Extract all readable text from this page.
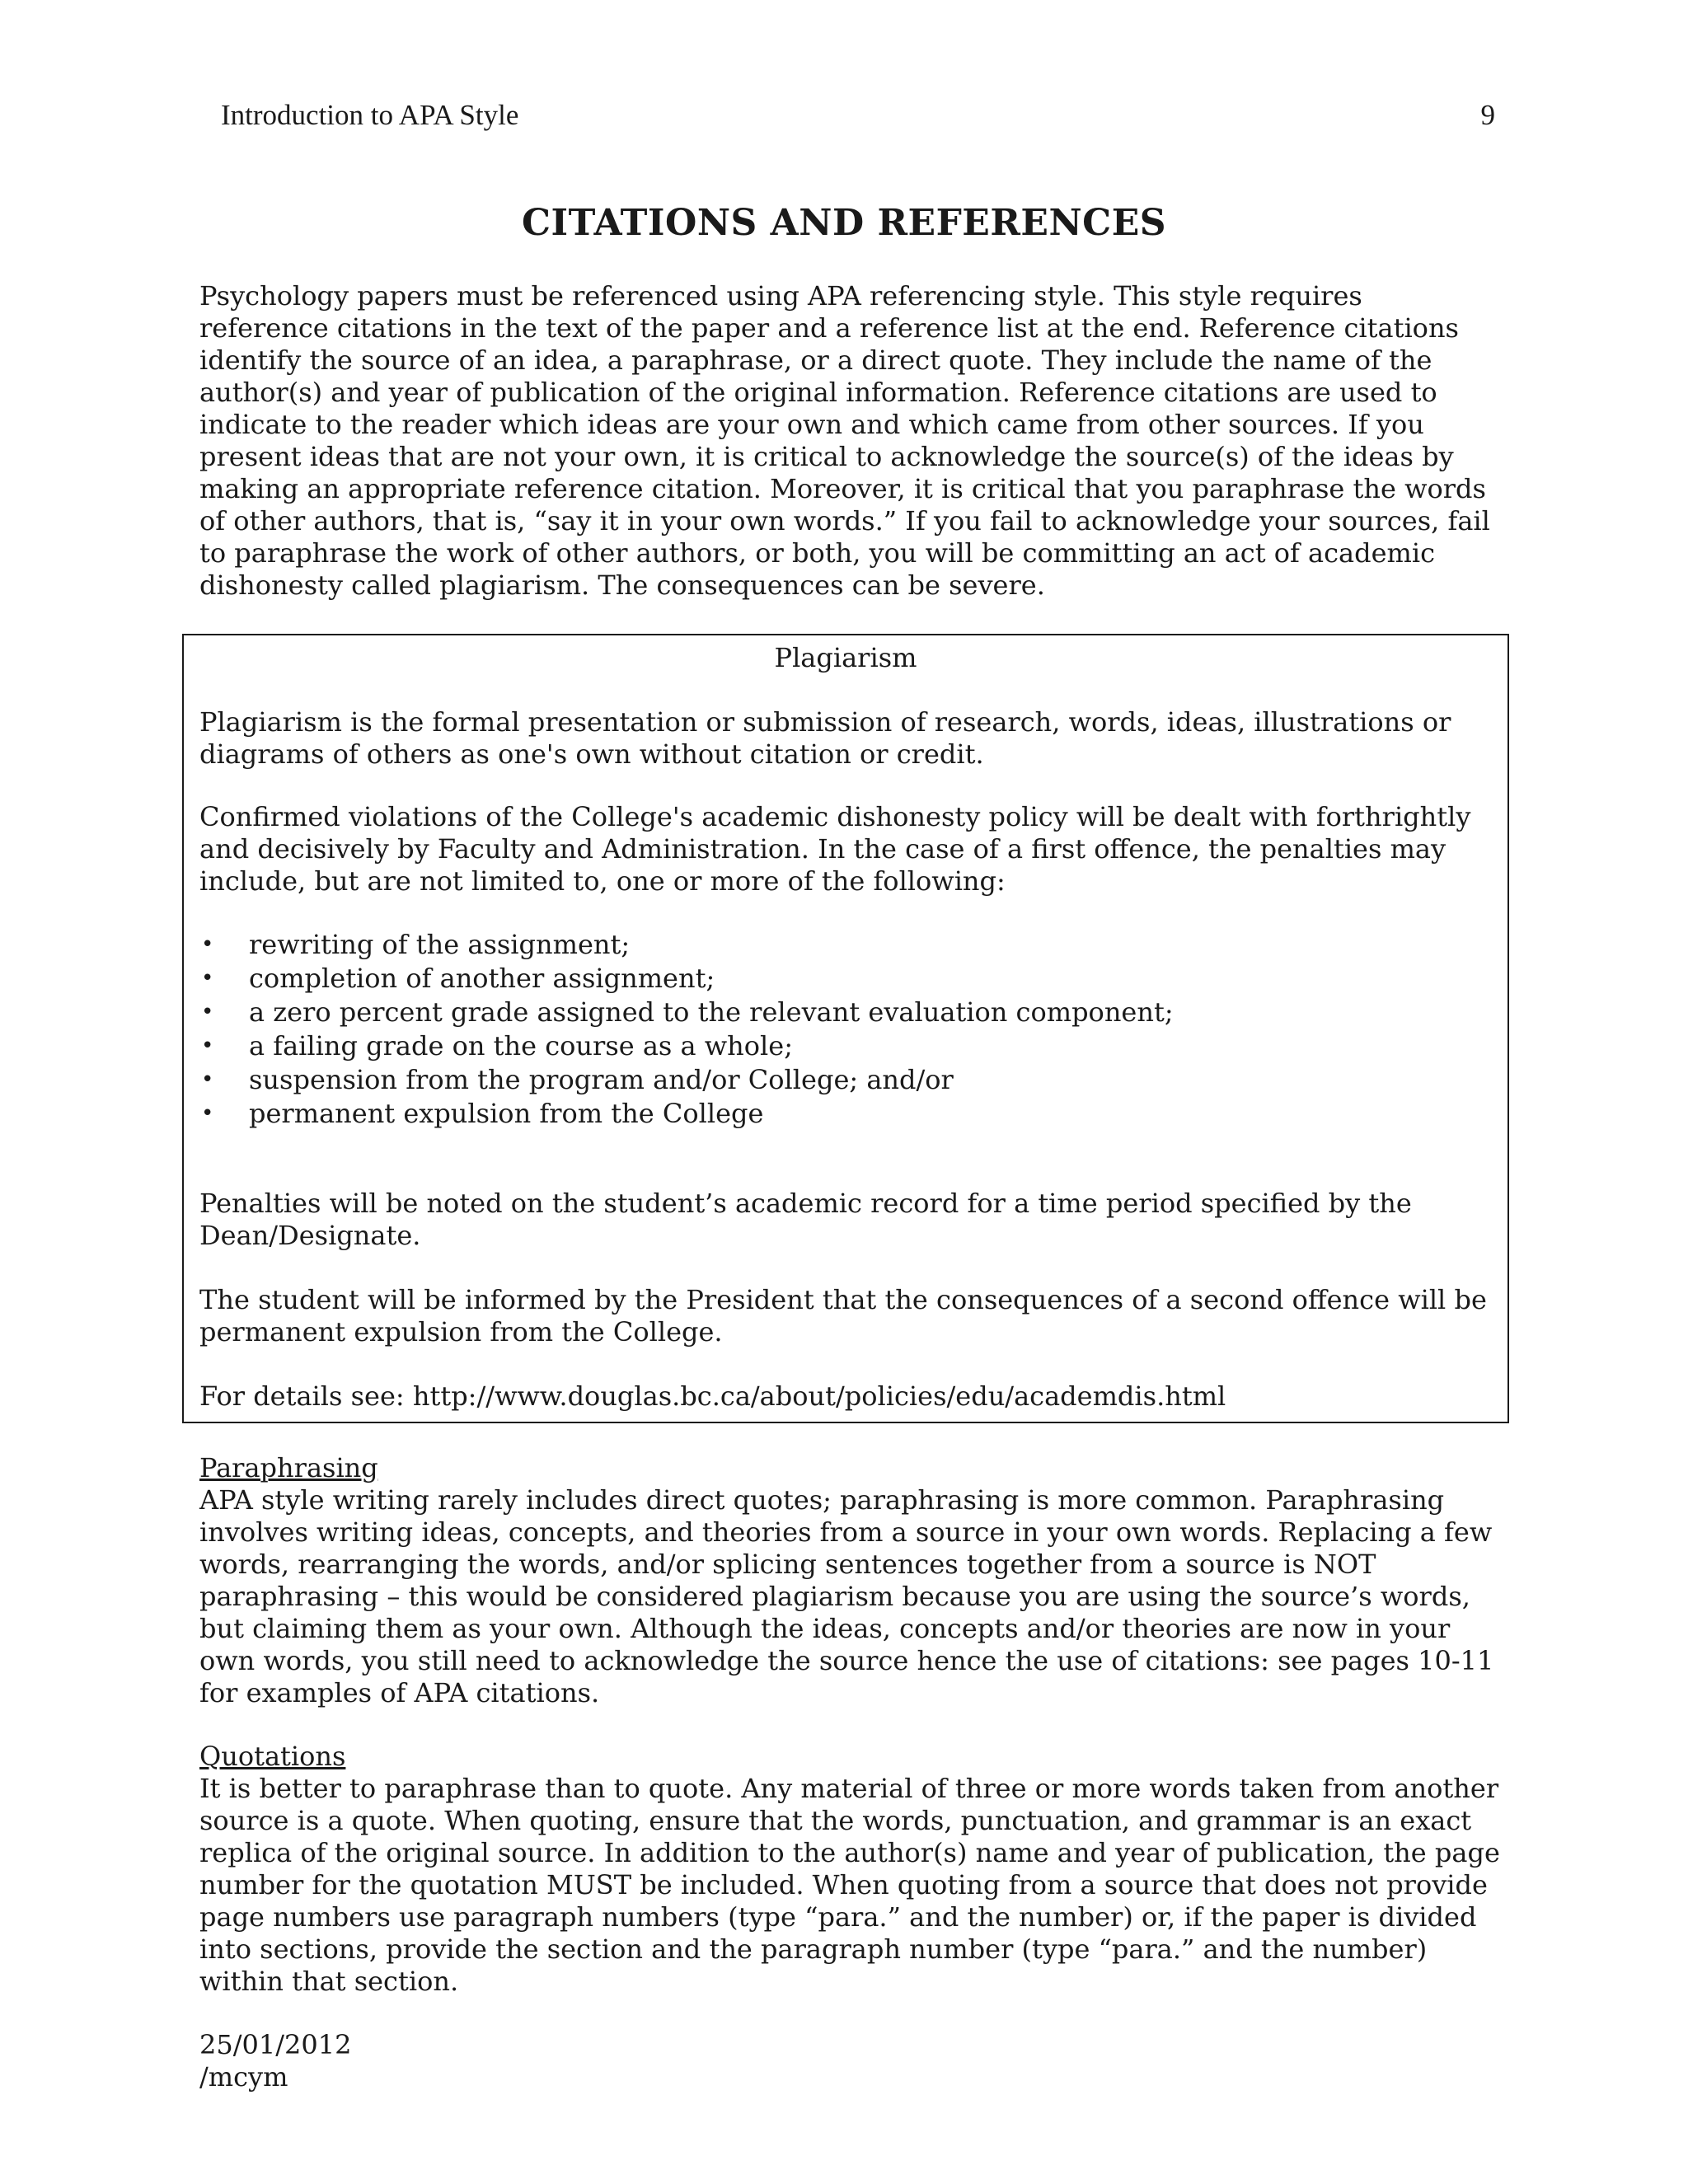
Introduction to APA Style	9
CITATIONS AND REFERENCES

Psychology papers must be referenced using APA referencing style. This style requires reference citations in the text of the paper and a reference list at the end. Reference citations identify the source of an idea, a paraphrase, or a direct quote. They include the name of the author(s) and year of publication of the original information. Reference citations are used to indicate to the reader which ideas are your own and which came from other sources. If you present ideas that are not your own, it is critical to acknowledge the source(s) of the ideas by making an appropriate reference citation. Moreover, it is critical that you paraphrase the words of other authors, that is, “say it in your own words.” If you fail to acknowledge your sources, fail to paraphrase the work of other authors, or both, you will be committing an act of academic dishonesty called plagiarism. The consequences can be severe.

Plagiarism

Plagiarism is the formal presentation or submission of research, words, ideas, illustrations or diagrams of others as one's own without citation or credit.

Confirmed violations of the College's academic dishonesty policy will be dealt with forthrightly and decisively by Faculty and Administration. In the case of a first offence, the penalties may include, but are not limited to, one or more of the following:

• rewriting of the assignment;
• completion of another assignment;
• a zero percent grade assigned to the relevant evaluation component;
• a failing grade on the course as a whole;
• suspension from the program and/or College; and/or
• permanent expulsion from the College

Penalties will be noted on the student’s academic record for a time period specified by the Dean/Designate.

The student will be informed by the President that the consequences of a second offence will be permanent expulsion from the College.

For details see: http://www.douglas.bc.ca/about/policies/edu/academdis.html

Paraphrasing

APA style writing rarely includes direct quotes; paraphrasing is more common. Paraphrasing involves writing ideas, concepts, and theories from a source in your own words. Replacing a few words, rearranging the words, and/or splicing sentences together from a source is NOT paraphrasing – this would be considered plagiarism because you are using the source’s words, but claiming them as your own. Although the ideas, concepts and/or theories are now in your own words, you still need to acknowledge the source hence the use of citations: see pages 10-11 for examples of APA citations.

Quotations

It is better to paraphrase than to quote. Any material of three or more words taken from another source is a quote. When quoting, ensure that the words, punctuation, and grammar is an exact replica of the original source. In addition to the author(s) name and year of publication, the page number for the quotation MUST be included. When quoting from a source that does not provide page numbers use paragraph numbers (type “para.” and the number) or, if the paper is divided into sections, provide the section and the paragraph number (type “para.” and the number) within that section.

25/01/2012
/mcym
